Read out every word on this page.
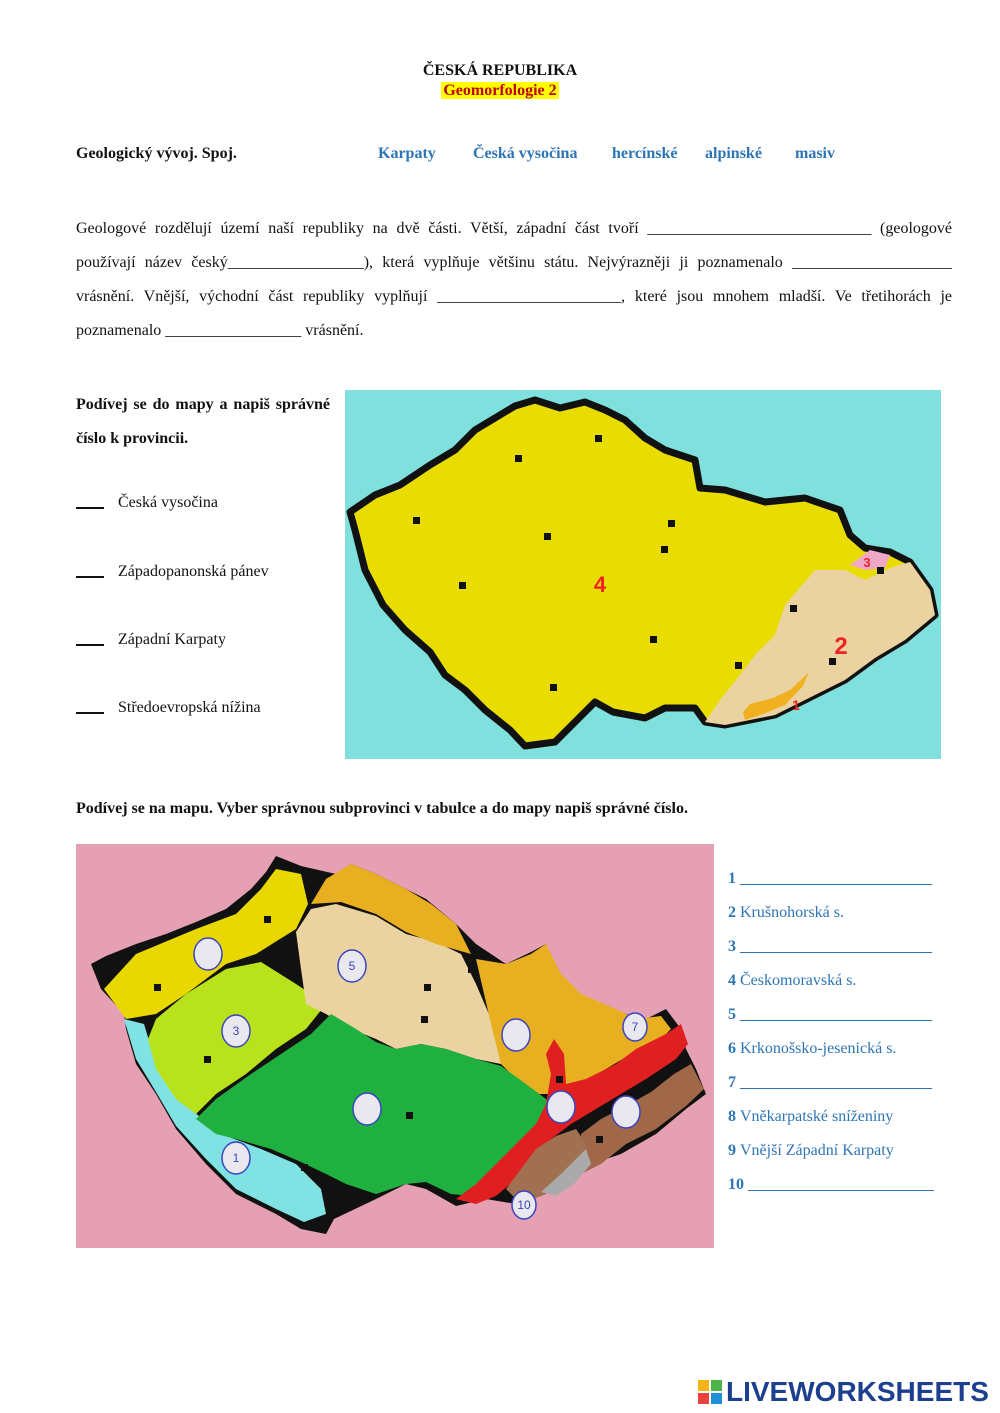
ČESKÁ REPUBLIKA
Geomorfologie 2
Geologický vývoj. Spoj.	Karpaty Česká vysočina hercínské alpinské masiv
Geologové rozdělují území naší republiky na dvě části. Větší, západní část tvoří ____________________________ (geologové používají název český_________________), která vyplňuje většinu státu. Nejvýrazněji ji poznamenalo ____________________ vrásnění. Vnější, východní část republiky vyplňují _______________________, které jsou mnohem mladší. Ve třetihorách je poznamenalo _________________ vrásnění.
Podívej se do mapy a napiš správné číslo k provincii.
Česká vysočina
Západopanonská pánev
Západní Karpaty
Středoevropská nížina
4
2
3
1
Podívej se na mapu. Vyber správnou subprovinci v tabulce a do mapy napiš správné číslo.
5
3
1
7
10
1
2 Krušnohorská s.
3
4 Českomoravská s.
5
6 Krkonošsko-jesenická s.
7
8 Vněkarpatské sníženiny
9 Vnější Západní Karpaty
10
LIVEWORKSHEETS
